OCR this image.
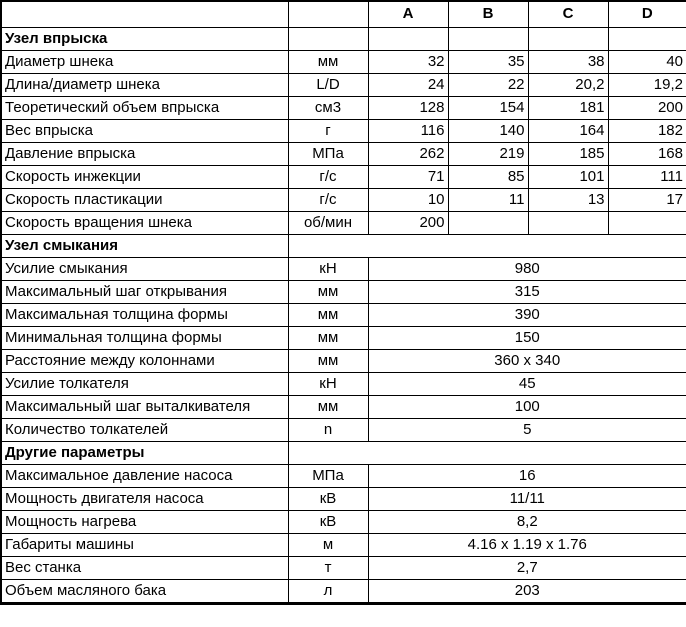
		A	B	C	D
Узел впрыска					
Диаметр шнека	мм	32	35	38	40
Длина/диаметр шнека	L/D	24	22	20,2	19,2
Теоретический объем впрыска	см3	128	154	181	200
Вес впрыска	г	116	140	164	182
Давление впрыска	МПа	262	219	185	168
Скорость инжекции	г/с	71	85	101	111
Скорость пластикации	г/с	10	11	13	17
Скорость вращения шнека	об/мин	200			
Узел смыкания					
Усилие смыкания	кН	980			
Максимальный шаг открывания	мм	315			
Максимальная толщина формы	мм	390			
Минимальная толщина формы	мм	150			
Расстояние между колоннами	мм	360 x 340			
Усилие толкателя	кН	45			
Максимальный шаг выталкивателя	мм	100			
Количество толкателей	n	5			
Другие параметры					
Максимальное давление насоса	МПа	16			
Мощность двигателя насоса	кВ	11/11			
Мощность нагрева	кВ	8,2			
Габариты машины	м	4.16 x 1.19 x 1.76			
Вес станка	т	2,7			
Объем масляного бака	л	203			
